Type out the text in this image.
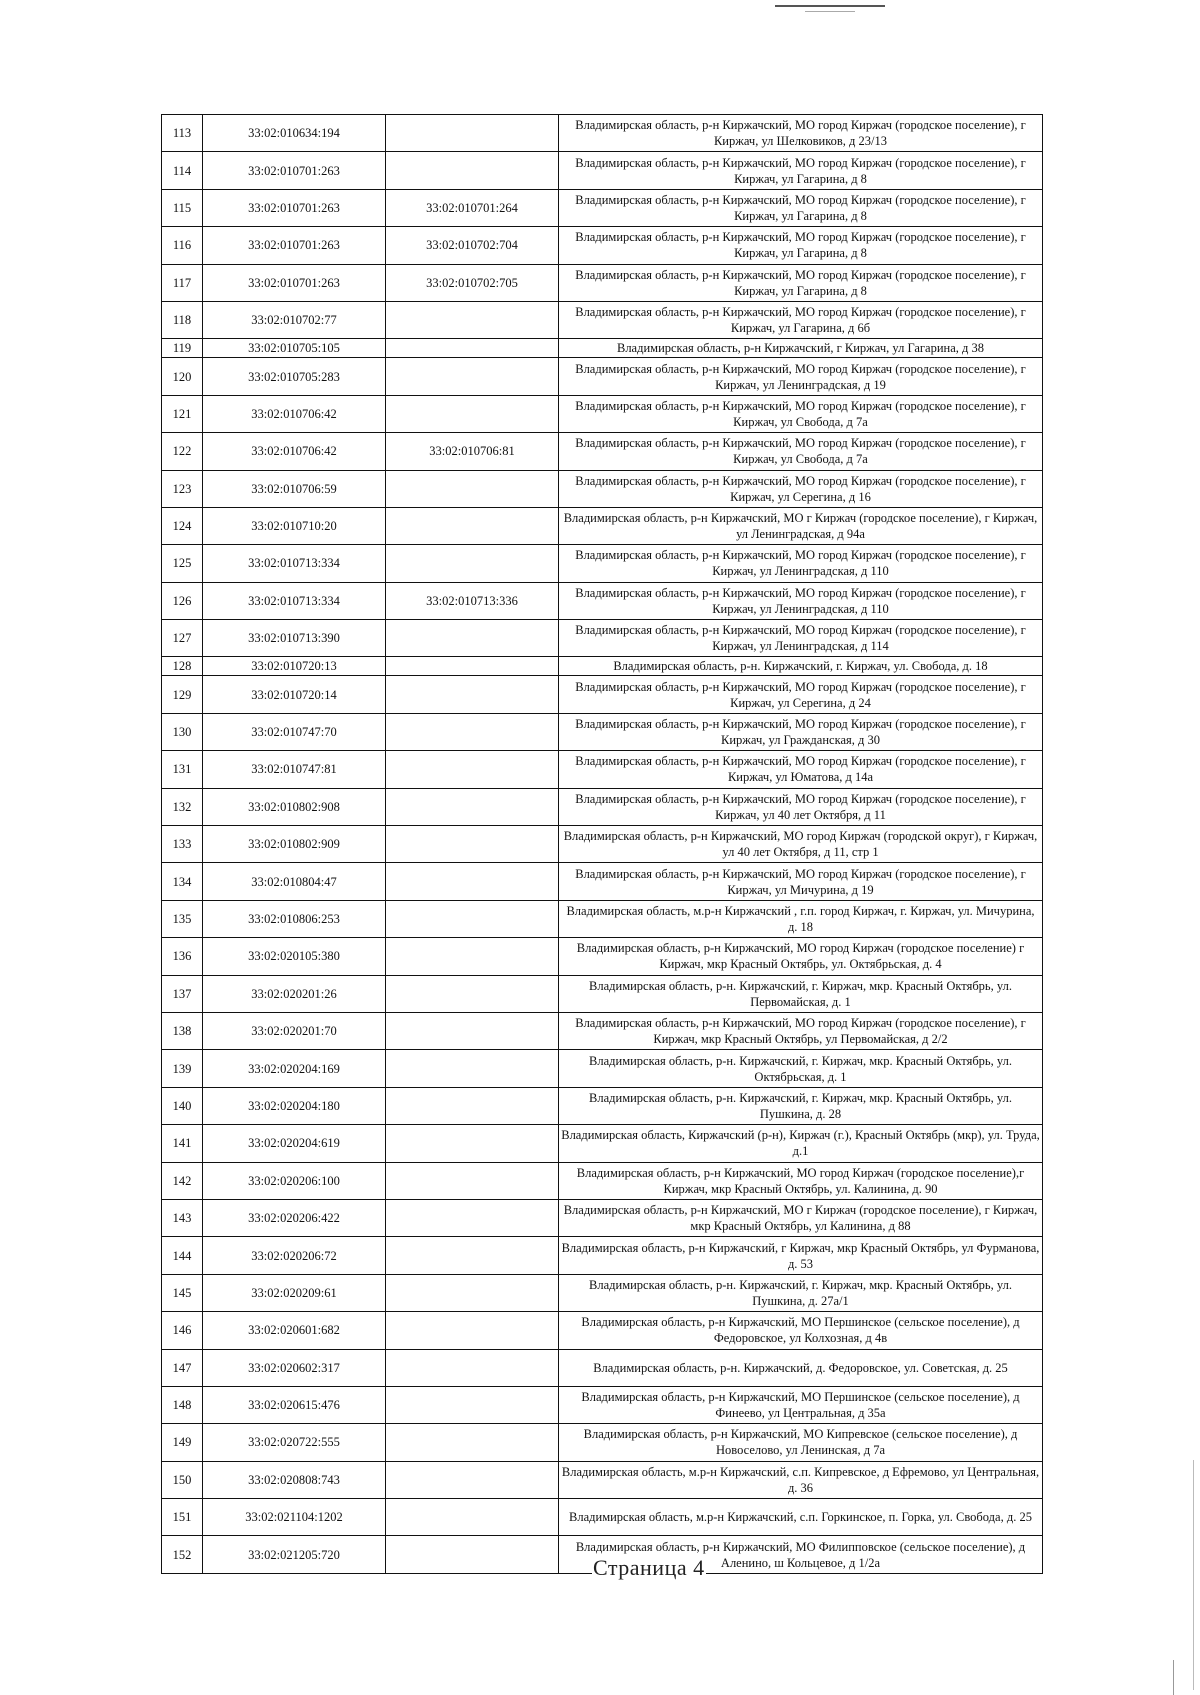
113	33:02:010634:194		Владимирская область, р-н Киржачский, МО город Киржач (городское поселение), г Киржач, ул Шелковиков, д 23/13
114	33:02:010701:263		Владимирская область, р-н Киржачский, МО город Киржач (городское поселение), г Киржач, ул Гагарина, д 8
115	33:02:010701:263	33:02:010701:264	Владимирская область, р-н Киржачский, МО город Киржач (городское поселение), г Киржач, ул Гагарина, д 8
116	33:02:010701:263	33:02:010702:704	Владимирская область, р-н Киржачский, МО город Киржач (городское поселение), г Киржач, ул Гагарина, д 8
117	33:02:010701:263	33:02:010702:705	Владимирская область, р-н Киржачский, МО город Киржач (городское поселение), г Киржач, ул Гагарина, д 8
118	33:02:010702:77		Владимирская область, р-н Киржачский, МО город Киржач (городское поселение), г Киржач, ул Гагарина, д 6б
119	33:02:010705:105		Владимирская область, р-н Киржачский, г Киржач, ул Гагарина, д 38
120	33:02:010705:283		Владимирская область, р-н Киржачский, МО город Киржач (городское поселение), г Киржач, ул Ленинградская, д 19
121	33:02:010706:42		Владимирская область, р-н Киржачский, МО город Киржач (городское поселение), г Киржач, ул Свобода, д 7а
122	33:02:010706:42	33:02:010706:81	Владимирская область, р-н Киржачский, МО город Киржач (городское поселение), г Киржач, ул Свобода, д 7а
123	33:02:010706:59		Владимирская область, р-н Киржачский, МО город Киржач (городское поселение), г Киржач, ул Серегина, д 16
124	33:02:010710:20		Владимирская область, р-н Киржачский, МО г Киржач (городское поселение), г Киржач, ул Ленинградская, д 94а
125	33:02:010713:334		Владимирская область, р-н Киржачский, МО город Киржач (городское поселение), г Киржач, ул Ленинградская, д 110
126	33:02:010713:334	33:02:010713:336	Владимирская область, р-н Киржачский, МО город Киржач (городское поселение), г Киржач, ул Ленинградская, д 110
127	33:02:010713:390		Владимирская область, р-н Киржачский, МО город Киржач (городское поселение), г Киржач, ул Ленинградская, д 114
128	33:02:010720:13		Владимирская область, р-н. Киржачский, г. Киржач, ул. Свобода, д. 18
129	33:02:010720:14		Владимирская область, р-н Киржачский, МО город Киржач (городское поселение), г Киржач, ул Серегина, д 24
130	33:02:010747:70		Владимирская область, р-н Киржачский, МО город Киржач (городское поселение), г Киржач, ул Гражданская, д 30
131	33:02:010747:81		Владимирская область, р-н Киржачский, МО город Киржач (городское поселение), г Киржач, ул Юматова, д 14а
132	33:02:010802:908		Владимирская область, р-н Киржачский, МО город Киржач (городское поселение), г Киржач, ул 40 лет Октября, д 11
133	33:02:010802:909		Владимирская область, р-н Киржачский, МО город Киржач (городской округ), г Киржач, ул 40 лет Октября, д 11, стр 1
134	33:02:010804:47		Владимирская область, р-н Киржачский, МО город Киржач (городское поселение), г Киржач, ул Мичурина, д 19
135	33:02:010806:253		Владимирская область, м.р-н Киржачский , г.п. город Киржач, г. Киржач, ул. Мичурина, д. 18
136	33:02:020105:380		Владимирская область, р-н Киржачский, МО город Киржач (городское поселение) г Киржач, мкр Красный Октябрь, ул. Октябрьская, д. 4
137	33:02:020201:26		Владимирская область, р-н. Киржачский, г. Киржач, мкр. Красный Октябрь, ул. Первомайская, д. 1
138	33:02:020201:70		Владимирская область, р-н Киржачский, МО город Киржач (городское поселение), г Киржач, мкр Красный Октябрь, ул Первомайская, д 2/2
139	33:02:020204:169		Владимирская область, р-н. Киржачский, г. Киржач, мкр. Красный Октябрь, ул. Октябрьская, д. 1
140	33:02:020204:180		Владимирская область, р-н. Киржачский, г. Киржач, мкр. Красный Октябрь, ул. Пушкина, д. 28
141	33:02:020204:619		Владимирская область, Киржачский (р-н), Киржач (г.), Красный Октябрь (мкр), ул. Труда, д.1
142	33:02:020206:100		Владимирская область, р-н Киржачский, МО город Киржач (городское поселение),г Киржач, мкр Красный Октябрь, ул. Калинина, д. 90
143	33:02:020206:422		Владимирская область, р-н Киржачский, МО г Киржач (городское поселение), г Киржач, мкр Красный Октябрь, ул Калинина, д 88
144	33:02:020206:72		Владимирская область, р-н Киржачский, г Киржач, мкр Красный Октябрь, ул Фурманова, д. 53
145	33:02:020209:61		Владимирская область, р-н. Киржачский, г. Киржач, мкр. Красный Октябрь, ул. Пушкина, д. 27а/1
146	33:02:020601:682		Владимирская область, р-н Киржачский, МО Першинское (сельское поселение), д Федоровское, ул Колхозная, д 4в
147	33:02:020602:317		Владимирская область, р-н. Киржачский, д. Федоровское, ул. Советская, д. 25
148	33:02:020615:476		Владимирская область, р-н Киржачский, МО Першинское (сельское поселение), д Финеево, ул Центральная, д 35а
149	33:02:020722:555		Владимирская область, р-н Киржачский, МО Кипревское (сельское поселение), д Новоселово, ул Ленинская, д 7а
150	33:02:020808:743		Владимирская область, м.р-н Киржачский, с.п. Кипревское, д Ефремово, ул Центральная, д. 36
151	33:02:021104:1202		Владимирская область, м.р-н Киржачский, с.п. Горкинское, п. Горка, ул. Свобода, д. 25
152	33:02:021205:720		Владимирская область, р-н Киржачский, МО Филипповское (сельское поселение), д Аленино, ш Кольцевое, д 1/2а
Страница 4
